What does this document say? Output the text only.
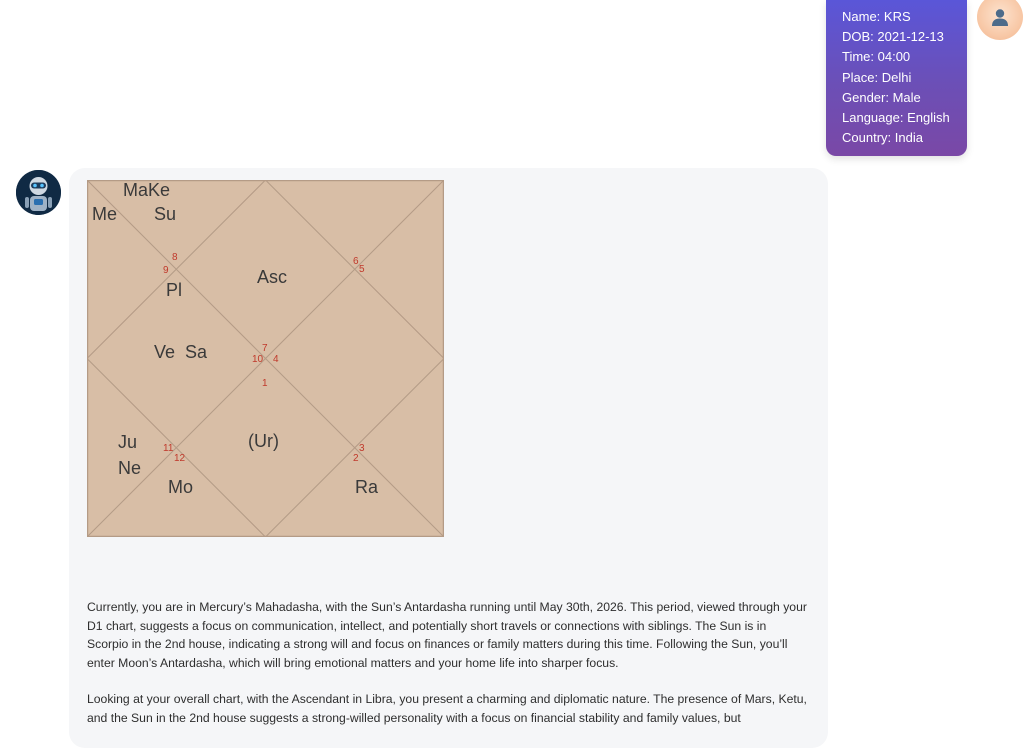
Name: KRS
DOB: 2021-12-13
Time: 04:00
Place: Delhi
Gender: Male
Language: English
Country: India
MaKe
Me Su
Pl
Asc
Ve  Sa
Ju
Ne
(Ur)
Mo	Ra
1
2
3
4
5
6
7
8
9
10
11
12

Currently, you are in Mercury’s Mahadasha, with the Sun’s Antardasha running until May 30th, 2026. This period, viewed through your D1 chart, suggests a focus on communication, intellect, and potentially short travels or connections with siblings. The Sun is in Scorpio in the 2nd house, indicating a strong will and focus on finances or family matters during this time. Following the Sun, you’ll enter Moon’s Antardasha, which will bring emotional matters and your home life into sharper focus.

Looking at your overall chart, with the Ascendant in Libra, you present a charming and diplomatic nature. The presence of Mars, Ketu, and the Sun in the 2nd house suggests a strong-willed personality with a focus on financial stability and family values, but
